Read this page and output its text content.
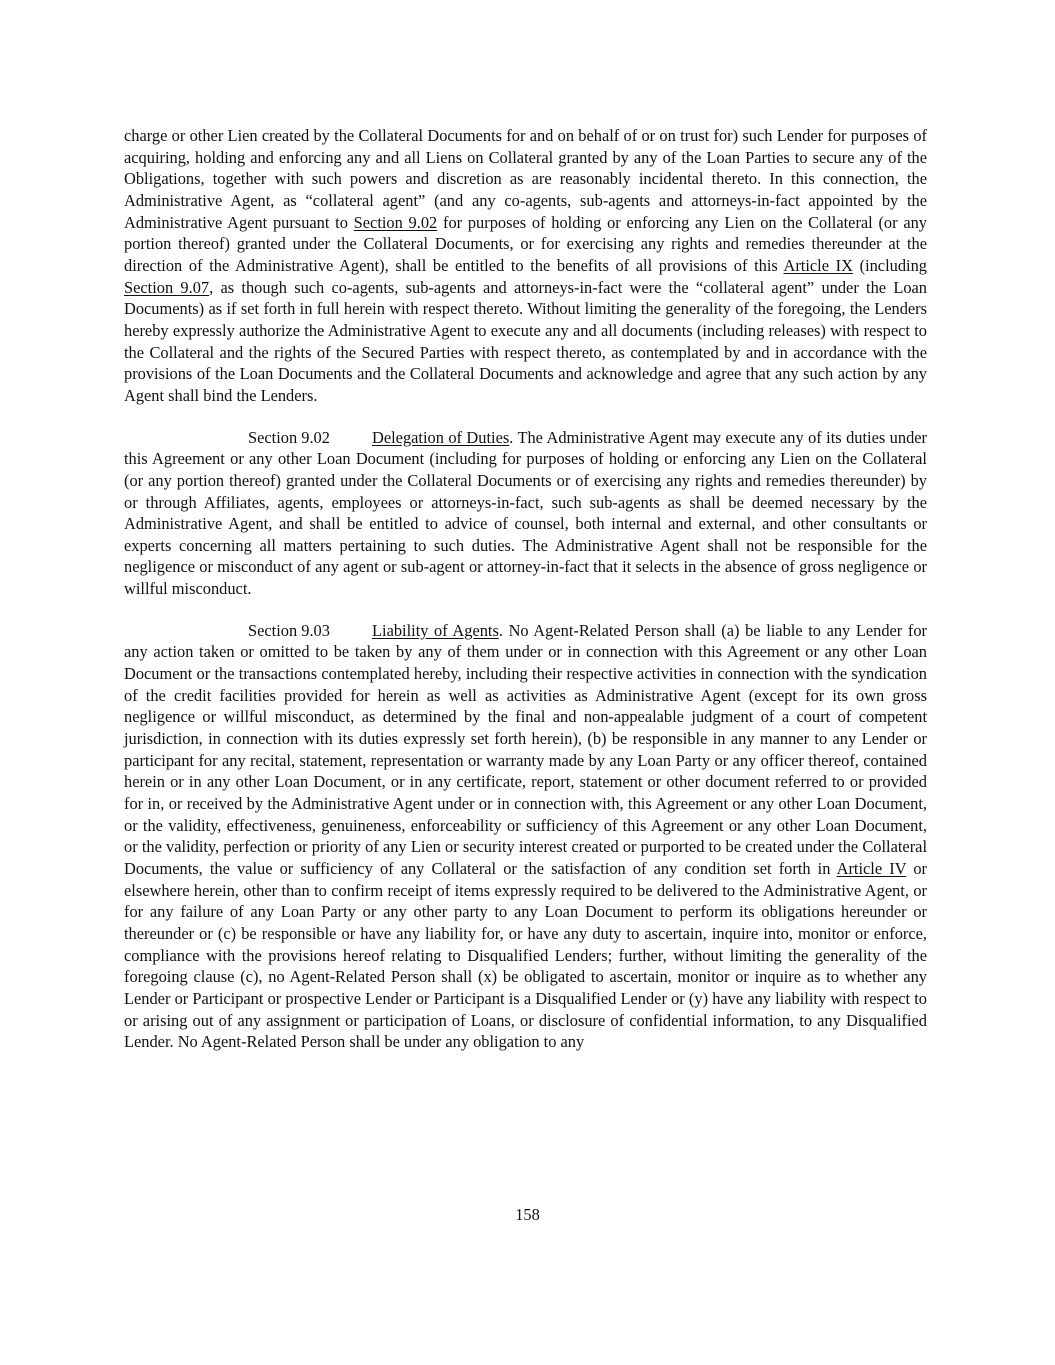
charge or other Lien created by the Collateral Documents for and on behalf of or on trust for) such Lender for purposes of acquiring, holding and enforcing any and all Liens on Collateral granted by any of the Loan Parties to secure any of the Obligations, together with such powers and discretion as are reasonably incidental thereto. In this connection, the Administrative Agent, as “collateral agent” (and any co-agents, sub-agents and attorneys-in-fact appointed by the Administrative Agent pursuant to Section 9.02 for purposes of holding or enforcing any Lien on the Collateral (or any portion thereof) granted under the Collateral Documents, or for exercising any rights and remedies thereunder at the direction of the Administrative Agent), shall be entitled to the benefits of all provisions of this Article IX (including Section 9.07, as though such co-agents, sub-agents and attorneys-in-fact were the “collateral agent” under the Loan Documents) as if set forth in full herein with respect thereto. Without limiting the generality of the foregoing, the Lenders hereby expressly authorize the Administrative Agent to execute any and all documents (including releases) with respect to the Collateral and the rights of the Secured Parties with respect thereto, as contemplated by and in accordance with the provisions of the Loan Documents and the Collateral Documents and acknowledge and agree that any such action by any Agent shall bind the Lenders.

Section 9.02	Delegation of Duties. The Administrative Agent may execute any of its duties under this Agreement or any other Loan Document (including for purposes of holding or enforcing any Lien on the Collateral (or any portion thereof) granted under the Collateral Documents or of exercising any rights and remedies thereunder) by or through Affiliates, agents, employees or attorneys-in-fact, such sub-agents as shall be deemed necessary by the Administrative Agent, and shall be entitled to advice of counsel, both internal and external, and other consultants or experts concerning all matters pertaining to such duties. The Administrative Agent shall not be responsible for the negligence or misconduct of any agent or sub-agent or attorney-in-fact that it selects in the absence of gross negligence or willful misconduct.

Section 9.03	Liability of Agents. No Agent-Related Person shall (a) be liable to any Lender for any action taken or omitted to be taken by any of them under or in connection with this Agreement or any other Loan Document or the transactions contemplated hereby, including their respective activities in connection with the syndication of the credit facilities provided for herein as well as activities as Administrative Agent (except for its own gross negligence or willful misconduct, as determined by the final and non-appealable judgment of a court of competent jurisdiction, in connection with its duties expressly set forth herein), (b) be responsible in any manner to any Lender or participant for any recital, statement, representation or warranty made by any Loan Party or any officer thereof, contained herein or in any other Loan Document, or in any certificate, report, statement or other document referred to or provided for in, or received by the Administrative Agent under or in connection with, this Agreement or any other Loan Document, or the validity, effectiveness, genuineness, enforceability or sufficiency of this Agreement or any other Loan Document, or the validity, perfection or priority of any Lien or security interest created or purported to be created under the Collateral Documents, the value or sufficiency of any Collateral or the satisfaction of any condition set forth in Article IV or elsewhere herein, other than to confirm receipt of items expressly required to be delivered to the Administrative Agent, or for any failure of any Loan Party or any other party to any Loan Document to perform its obligations hereunder or thereunder or (c) be responsible or have any liability for, or have any duty to ascertain, inquire into, monitor or enforce, compliance with the provisions hereof relating to Disqualified Lenders; further, without limiting the generality of the foregoing clause (c), no Agent-Related Person shall (x) be obligated to ascertain, monitor or inquire as to whether any Lender or Participant or prospective Lender or Participant is a Disqualified Lender or (y) have any liability with respect to or arising out of any assignment or participation of Loans, or disclosure of confidential information, to any Disqualified Lender. No Agent-Related Person shall be under any obligation to any

158
